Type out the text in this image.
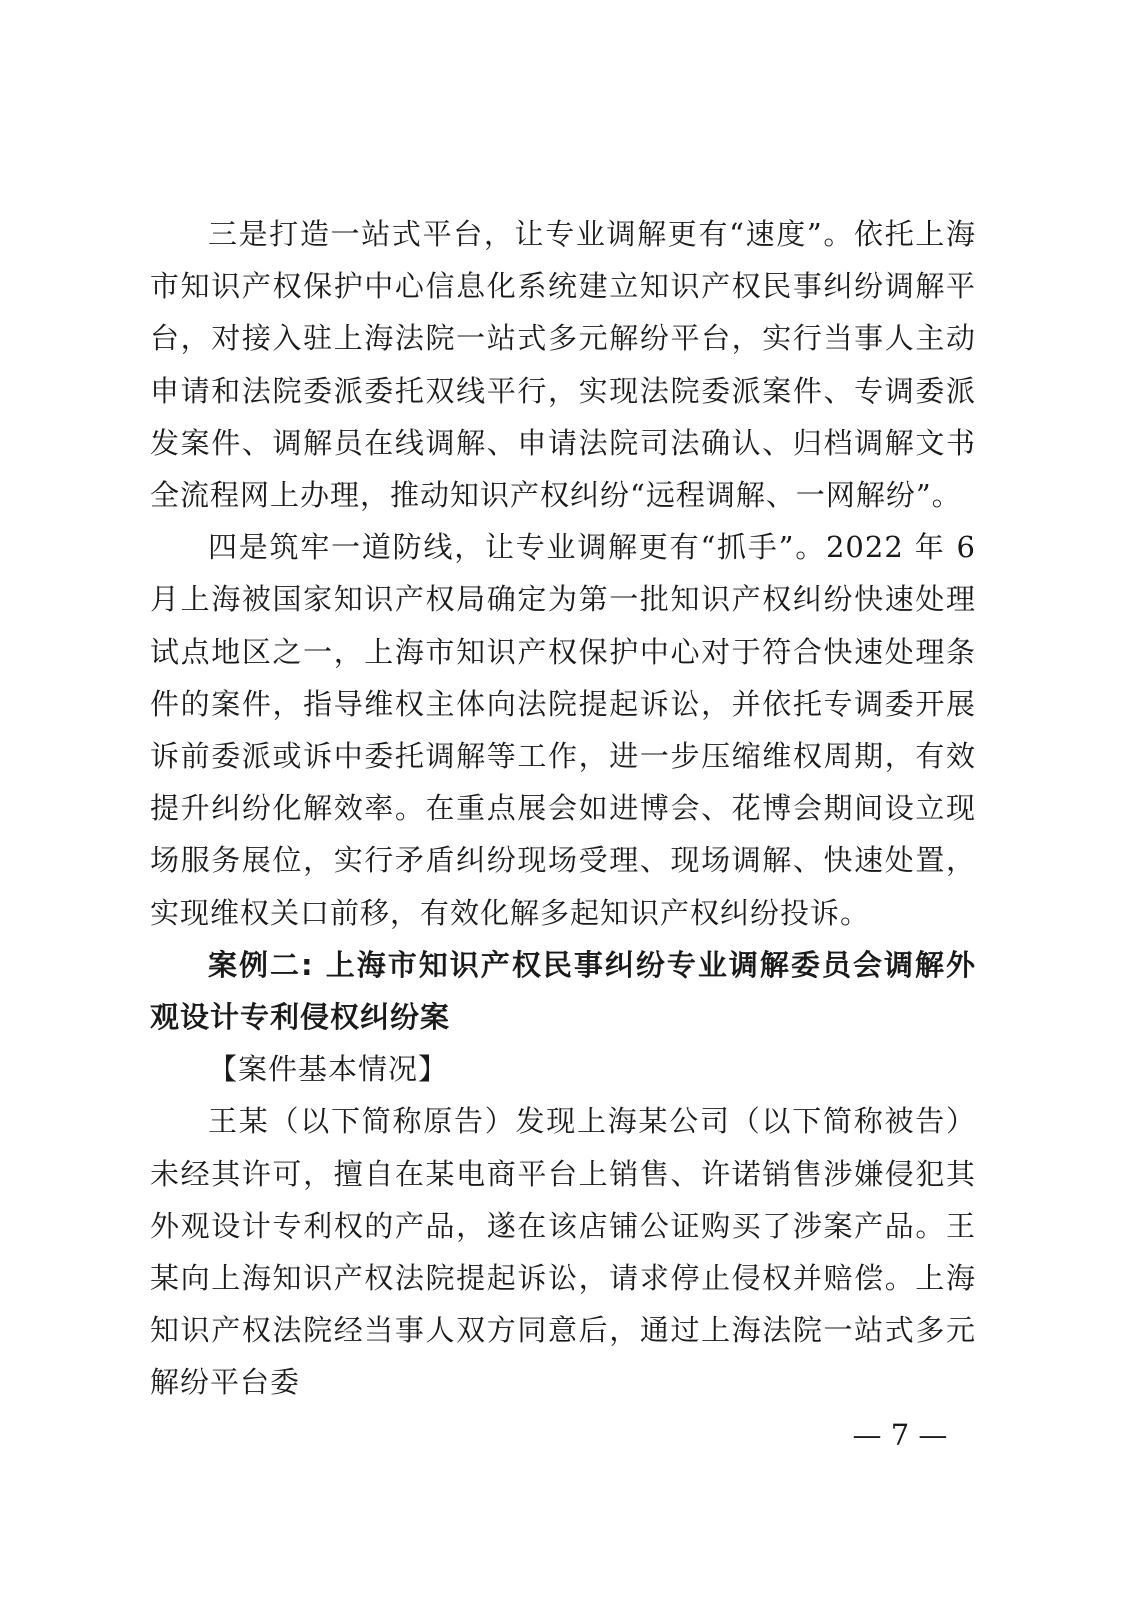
三是打造一站式平台，让专业调解更有“速度”。依托上海市知识产权保护中心信息化系统建立知识产权民事纠纷调解平台，对接入驻上海法院一站式多元解纷平台，实行当事人主动申请和法院委派委托双线平行，实现法院委派案件、专调委派发案件、调解员在线调解、申请法院司法确认、归档调解文书全流程网上办理，推动知识产权纠纷“远程调解、一网解纷”。

四是筑牢一道防线，让专业调解更有“抓手”。2022 年 6 月上海被国家知识产权局确定为第一批知识产权纠纷快速处理试点地区之一，上海市知识产权保护中心对于符合快速处理条件的案件，指导维权主体向法院提起诉讼，并依托专调委开展诉前委派或诉中委托调解等工作，进一步压缩维权周期，有效提升纠纷化解效率。在重点展会如进博会、花博会期间设立现场服务展位，实行矛盾纠纷现场受理、现场调解、快速处置，实现维权关口前移，有效化解多起知识产权纠纷投诉。

案例二: 上海市知识产权民事纠纷专业调解委员会调解外观设计专利侵权纠纷案

【案件基本情况】

王某（以下简称原告）发现上海某公司（以下简称被告）未经其许可，擅自在某电商平台上销售、许诺销售涉嫌侵犯其外观设计专利权的产品，遂在该店铺公证购买了涉案产品。王某向上海知识产权法院提起诉讼，请求停止侵权并赔偿。上海知识产权法院经当事人双方同意后，通过上海法院一站式多元解纷平台委

— 7 —
